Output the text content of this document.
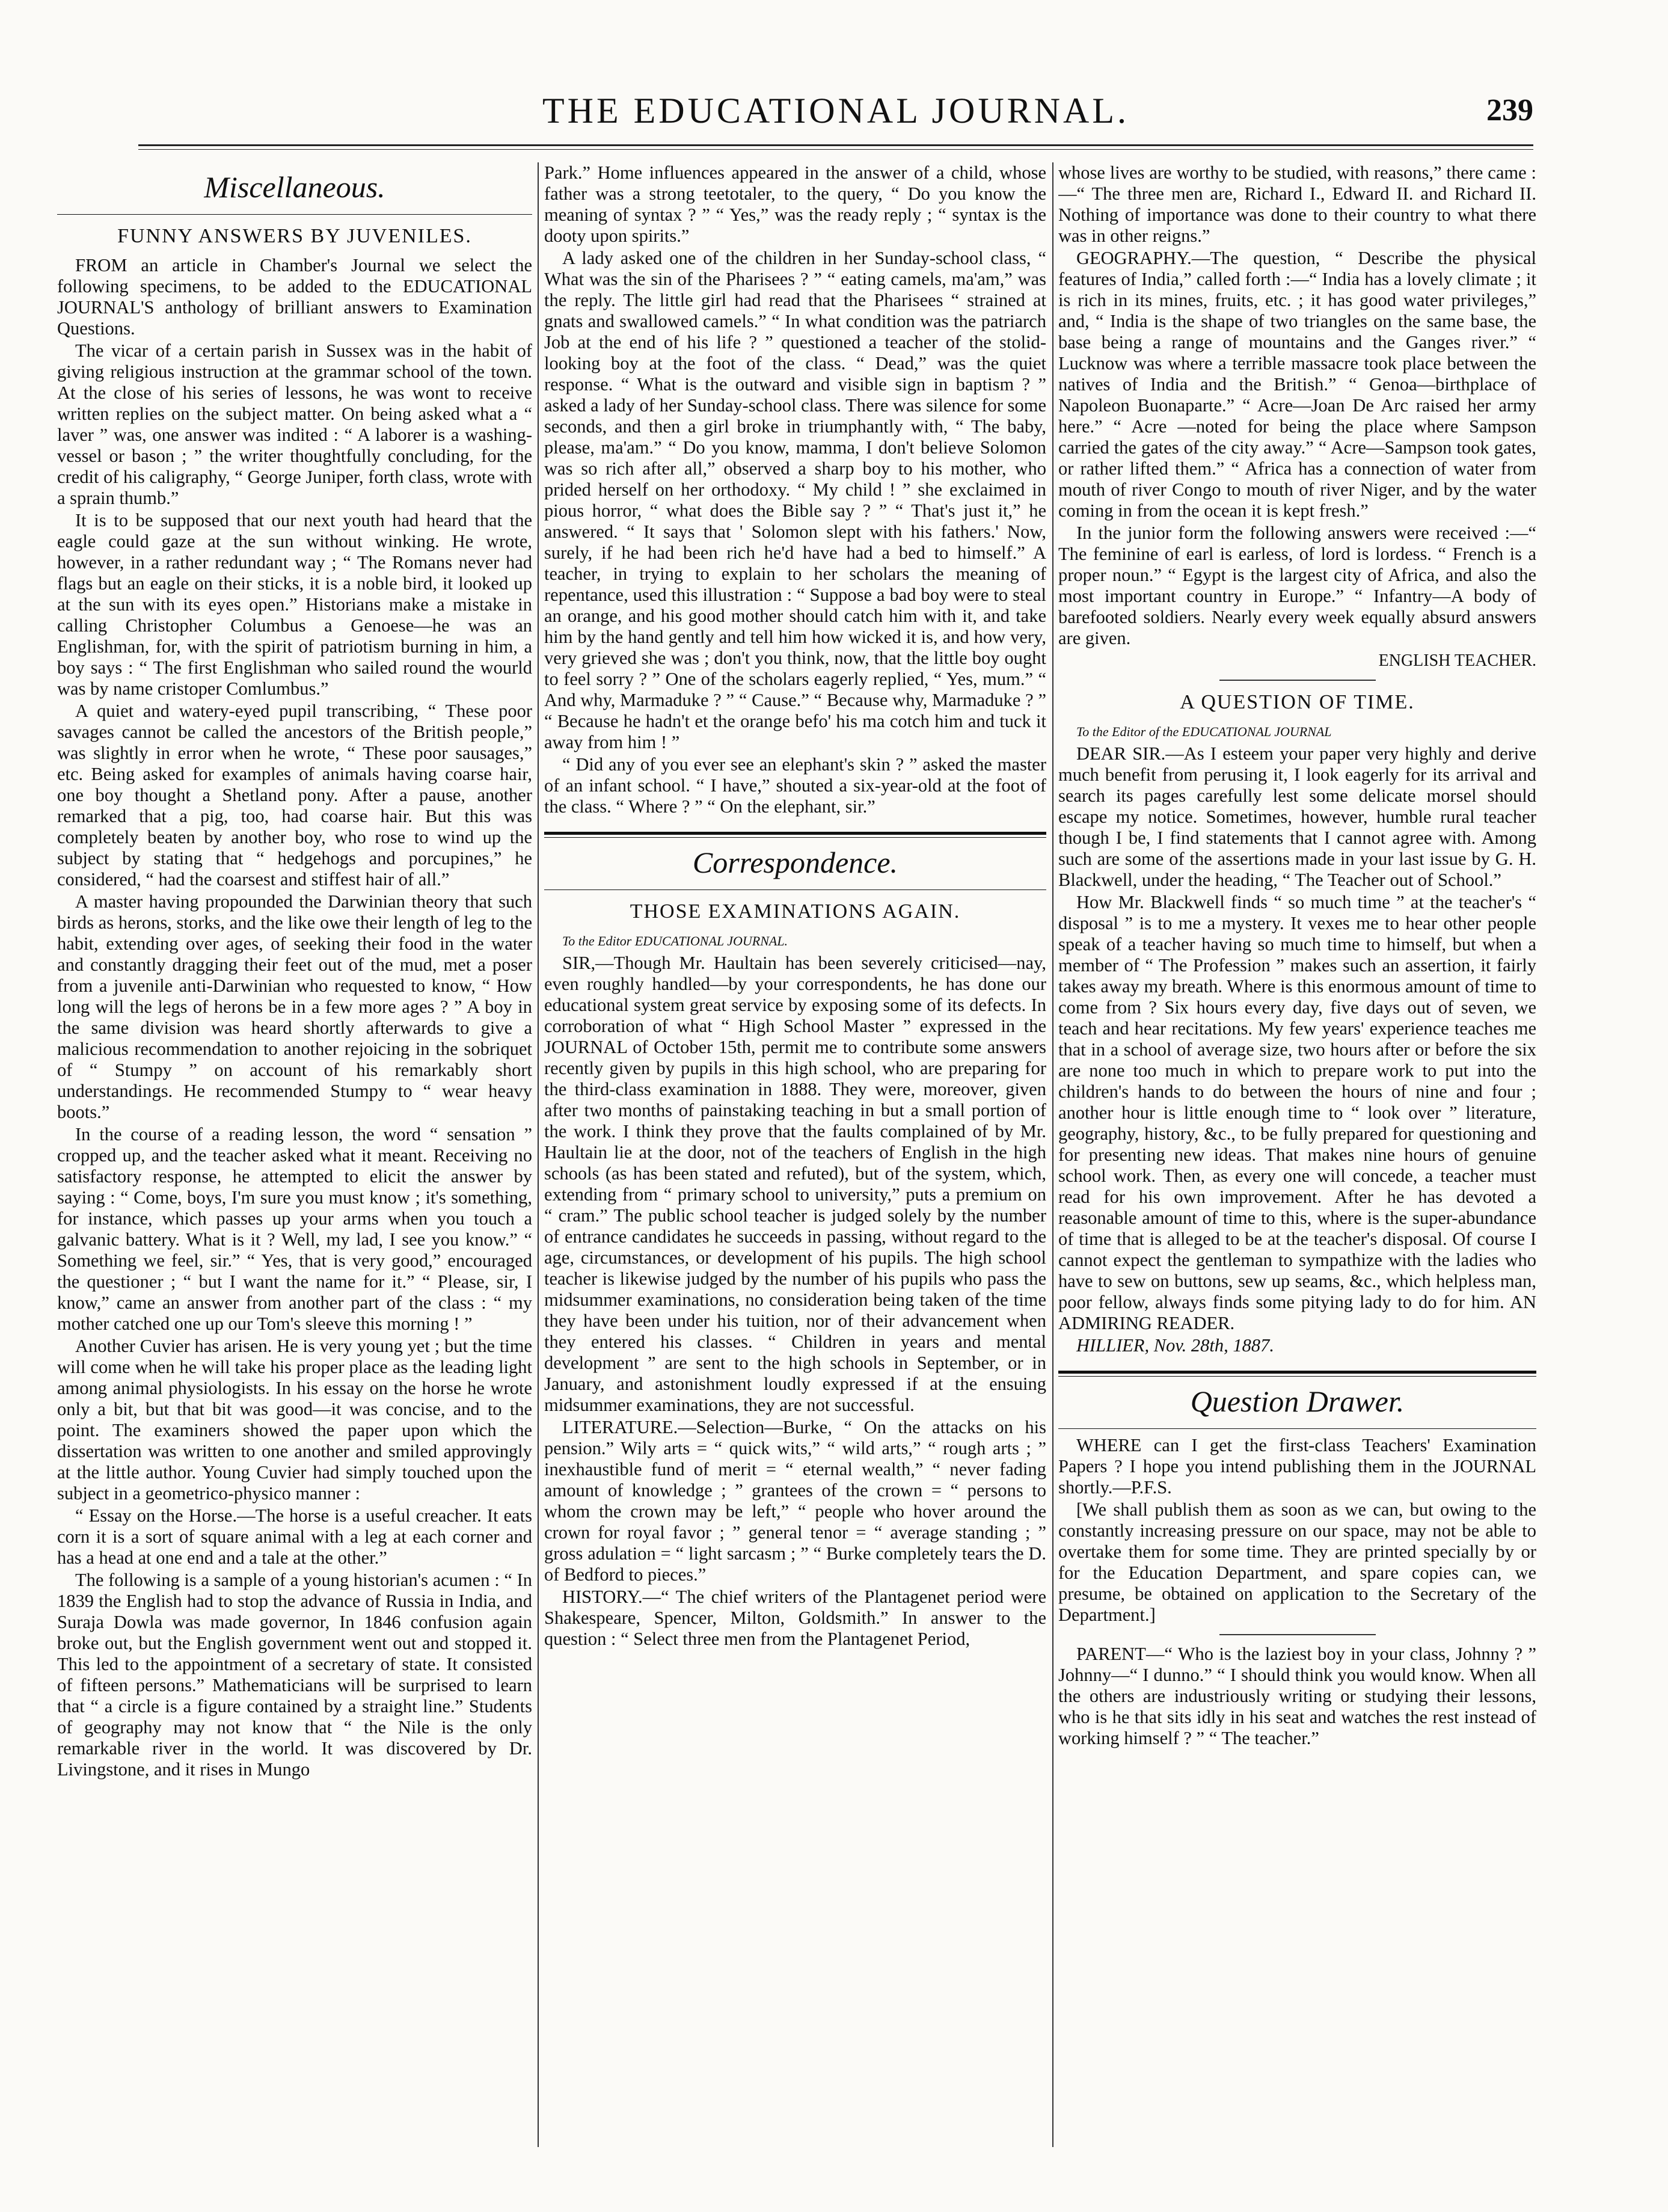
THE EDUCATIONAL JOURNAL.	239
Miscellaneous.
FUNNY ANSWERS BY JUVENILES.

FROM an article in Chamber's Journal we select the following specimens, to be added to the EDUCATIONAL JOURNAL'S anthology of brilliant answers to Examination Questions.

The vicar of a certain parish in Sussex was in the habit of giving religious instruction at the grammar school of the town. At the close of his series of lessons, he was wont to receive written replies on the subject matter. On being asked what a “ laver ” was, one answer was indited : “ A laborer is a washing-vessel or bason ; ” the writer thoughtfully concluding, for the credit of his caligraphy, “ George Juniper, forth class, wrote with a sprain thumb.”

It is to be supposed that our next youth had heard that the eagle could gaze at the sun without winking. He wrote, however, in a rather redundant way ; “ The Romans never had flags but an eagle on their sticks, it is a noble bird, it looked up at the sun with its eyes open.” Historians make a mistake in calling Christopher Columbus a Genoese—he was an Englishman, for, with the spirit of patriotism burning in him, a boy says : “ The first Englishman who sailed round the wourld was by name cristoper Comlumbus.”

A quiet and watery-eyed pupil transcribing, “ These poor savages cannot be called the ancestors of the British people,” was slightly in error when he wrote, “ These poor sausages,” etc. Being asked for examples of animals having coarse hair, one boy thought a Shetland pony. After a pause, another remarked that a pig, too, had coarse hair. But this was completely beaten by another boy, who rose to wind up the subject by stating that “ hedgehogs and porcupines,” he considered, “ had the coarsest and stiffest hair of all.”

A master having propounded the Darwinian theory that such birds as herons, storks, and the like owe their length of leg to the habit, extending over ages, of seeking their food in the water and constantly dragging their feet out of the mud, met a poser from a juvenile anti-Darwinian who requested to know, “ How long will the legs of herons be in a few more ages ? ” A boy in the same division was heard shortly afterwards to give a malicious recommendation to another rejoicing in the sobriquet of “ Stumpy ” on account of his remarkably short understandings. He recommended Stumpy to “ wear heavy boots.”

In the course of a reading lesson, the word “ sensation ” cropped up, and the teacher asked what it meant. Receiving no satisfactory response, he attempted to elicit the answer by saying : “ Come, boys, I'm sure you must know ; it's something, for instance, which passes up your arms when you touch a galvanic battery. What is it ? Well, my lad, I see you know.” “ Something we feel, sir.” “ Yes, that is very good,” encouraged the questioner ; “ but I want the name for it.” “ Please, sir, I know,” came an answer from another part of the class : “ my mother catched one up our Tom's sleeve this morning ! ”

Another Cuvier has arisen. He is very young yet ; but the time will come when he will take his proper place as the leading light among animal physiologists. In his essay on the horse he wrote only a bit, but that bit was good—it was concise, and to the point. The examiners showed the paper upon which the dissertation was written to one another and smiled approvingly at the little author. Young Cuvier had simply touched upon the subject in a geometrico-physico manner :

“ Essay on the Horse.—The horse is a useful creacher. It eats corn it is a sort of square animal with a leg at each corner and has a head at one end and a tale at the other.”

The following is a sample of a young historian's acumen : “ In 1839 the English had to stop the advance of Russia in India, and Suraja Dowla was made governor, In 1846 confusion again broke out, but the English government went out and stopped it. This led to the appointment of a secretary of state. It consisted of fifteen persons.” Mathematicians will be surprised to learn that “ a circle is a figure contained by a straight line.” Students of geography may not know that “ the Nile is the only remarkable river in the world. It was discovered by Dr. Livingstone, and it rises in Mungo

Park.” Home influences appeared in the answer of a child, whose father was a strong teetotaler, to the query, “ Do you know the meaning of syntax ? ” “ Yes,” was the ready reply ; “ syntax is the dooty upon spirits.”

A lady asked one of the children in her Sunday-school class, “ What was the sin of the Pharisees ? ” “ eating camels, ma'am,” was the reply. The little girl had read that the Pharisees “ strained at gnats and swallowed camels.” “ In what condition was the patriarch Job at the end of his life ? ” questioned a teacher of the stolid-looking boy at the foot of the class. “ Dead,” was the quiet response. “ What is the outward and visible sign in baptism ? ” asked a lady of her Sunday-school class. There was silence for some seconds, and then a girl broke in triumphantly with, “ The baby, please, ma'am.” “ Do you know, mamma, I don't believe Solomon was so rich after all,” observed a sharp boy to his mother, who prided herself on her orthodoxy. “ My child ! ” she exclaimed in pious horror, “ what does the Bible say ? ” “ That's just it,” he answered. “ It says that ' Solomon slept with his fathers.' Now, surely, if he had been rich he'd have had a bed to himself.” A teacher, in trying to explain to her scholars the meaning of repentance, used this illustration : “ Suppose a bad boy were to steal an orange, and his good mother should catch him with it, and take him by the hand gently and tell him how wicked it is, and how very, very grieved she was ; don't you think, now, that the little boy ought to feel sorry ? ” One of the scholars eagerly replied, “ Yes, mum.” “ And why, Marmaduke ? ” “ Cause.” “ Because why, Marmaduke ? ” “ Because he hadn't et the orange befo' his ma cotch him and tuck it away from him ! ”

“ Did any of you ever see an elephant's skin ? ” asked the master of an infant school. “ I have,” shouted a six-year-old at the foot of the class. “ Where ? ” “ On the elephant, sir.”

Correspondence.
THOSE EXAMINATIONS AGAIN.

To the Editor EDUCATIONAL JOURNAL.

SIR,—Though Mr. Haultain has been severely criticised—nay, even roughly handled—by your correspondents, he has done our educational system great service by exposing some of its defects. In corroboration of what “ High School Master ” expressed in the JOURNAL of October 15th, permit me to contribute some answers recently given by pupils in this high school, who are preparing for the third-class examination in 1888. They were, moreover, given after two months of painstaking teaching in but a small portion of the work. I think they prove that the faults complained of by Mr. Haultain lie at the door, not of the teachers of English in the high schools (as has been stated and refuted), but of the system, which, extending from “ primary school to university,” puts a premium on “ cram.” The public school teacher is judged solely by the number of entrance candidates he succeeds in passing, without regard to the age, circumstances, or development of his pupils. The high school teacher is likewise judged by the number of his pupils who pass the midsummer examinations, no consideration being taken of the time they have been under his tuition, nor of their advancement when they entered his classes. “ Children in years and mental development ” are sent to the high schools in September, or in January, and astonishment loudly expressed if at the ensuing midsummer examinations, they are not successful.

LITERATURE.—Selection—Burke, “ On the attacks on his pension.” Wily arts = “ quick wits,” “ wild arts,” “ rough arts ; ” inexhaustible fund of merit = “ eternal wealth,” “ never fading amount of knowledge ; ” grantees of the crown = “ persons to whom the crown may be left,” “ people who hover around the crown for royal favor ; ” general tenor = “ average standing ; ” gross adulation = “ light sarcasm ; ” “ Burke completely tears the D. of Bedford to pieces.”

HISTORY.—“ The chief writers of the Plantagenet period were Shakespeare, Spencer, Milton, Goldsmith.” In answer to the question : “ Select three men from the Plantagenet Period,

whose lives are worthy to be studied, with reasons,” there came :—“ The three men are, Richard I., Edward II. and Richard II. Nothing of importance was done to their country to what there was in other reigns.”

GEOGRAPHY.—The question, “ Describe the physical features of India,” called forth :—“ India has a lovely climate ; it is rich in its mines, fruits, etc. ; it has good water privileges,” and, “ India is the shape of two triangles on the same base, the base being a range of mountains and the Ganges river.” “ Lucknow was where a terrible massacre took place between the natives of India and the British.” “ Genoa—birthplace of Napoleon Buonaparte.” “ Acre—Joan De Arc raised her army here.” “ Acre —noted for being the place where Sampson carried the gates of the city away.” “ Acre—Sampson took gates, or rather lifted them.” “ Africa has a connection of water from mouth of river Congo to mouth of river Niger, and by the water coming in from the ocean it is kept fresh.”

In the junior form the following answers were received :—“ The feminine of earl is earless, of lord is lordess. “ French is a proper noun.” “ Egypt is the largest city of Africa, and also the most important country in Europe.” “ Infantry—A body of barefooted soldiers. Nearly every week equally absurd answers are given.

ENGLISH TEACHER.

A QUESTION OF TIME.

To the Editor of the EDUCATIONAL JOURNAL

DEAR SIR.—As I esteem your paper very highly and derive much benefit from perusing it, I look eagerly for its arrival and search its pages carefully lest some delicate morsel should escape my notice. Sometimes, however, humble rural teacher though I be, I find statements that I cannot agree with. Among such are some of the assertions made in your last issue by G. H. Blackwell, under the heading, “ The Teacher out of School.”

How Mr. Blackwell finds “ so much time ” at the teacher's “ disposal ” is to me a mystery. It vexes me to hear other people speak of a teacher having so much time to himself, but when a member of “ The Profession ” makes such an assertion, it fairly takes away my breath. Where is this enormous amount of time to come from ? Six hours every day, five days out of seven, we teach and hear recitations. My few years' experience teaches me that in a school of average size, two hours after or before the six are none too much in which to prepare work to put into the children's hands to do between the hours of nine and four ; another hour is little enough time to “ look over ” literature, geography, history, &c., to be fully prepared for questioning and for presenting new ideas. That makes nine hours of genuine school work. Then, as every one will concede, a teacher must read for his own improvement. After he has devoted a reasonable amount of time to this, where is the super-abundance of time that is alleged to be at the teacher's disposal. Of course I cannot expect the gentleman to sympathize with the ladies who have to sew on buttons, sew up seams, &c., which helpless man, poor fellow, always finds some pitying lady to do for him. AN ADMIRING READER.

HILLIER, Nov. 28th, 1887.

Question Drawer.

WHERE can I get the first-class Teachers' Examination Papers ? I hope you intend publishing them in the JOURNAL shortly.—P.F.S.

[We shall publish them as soon as we can, but owing to the constantly increasing pressure on our space, may not be able to overtake them for some time. They are printed specially by or for the Education Department, and spare copies can, we presume, be obtained on application to the Secretary of the Department.]

PARENT—“ Who is the laziest boy in your class, Johnny ? ” Johnny—“ I dunno.” “ I should think you would know. When all the others are industriously writing or studying their lessons, who is he that sits idly in his seat and watches the rest instead of working himself ? ” “ The teacher.”
